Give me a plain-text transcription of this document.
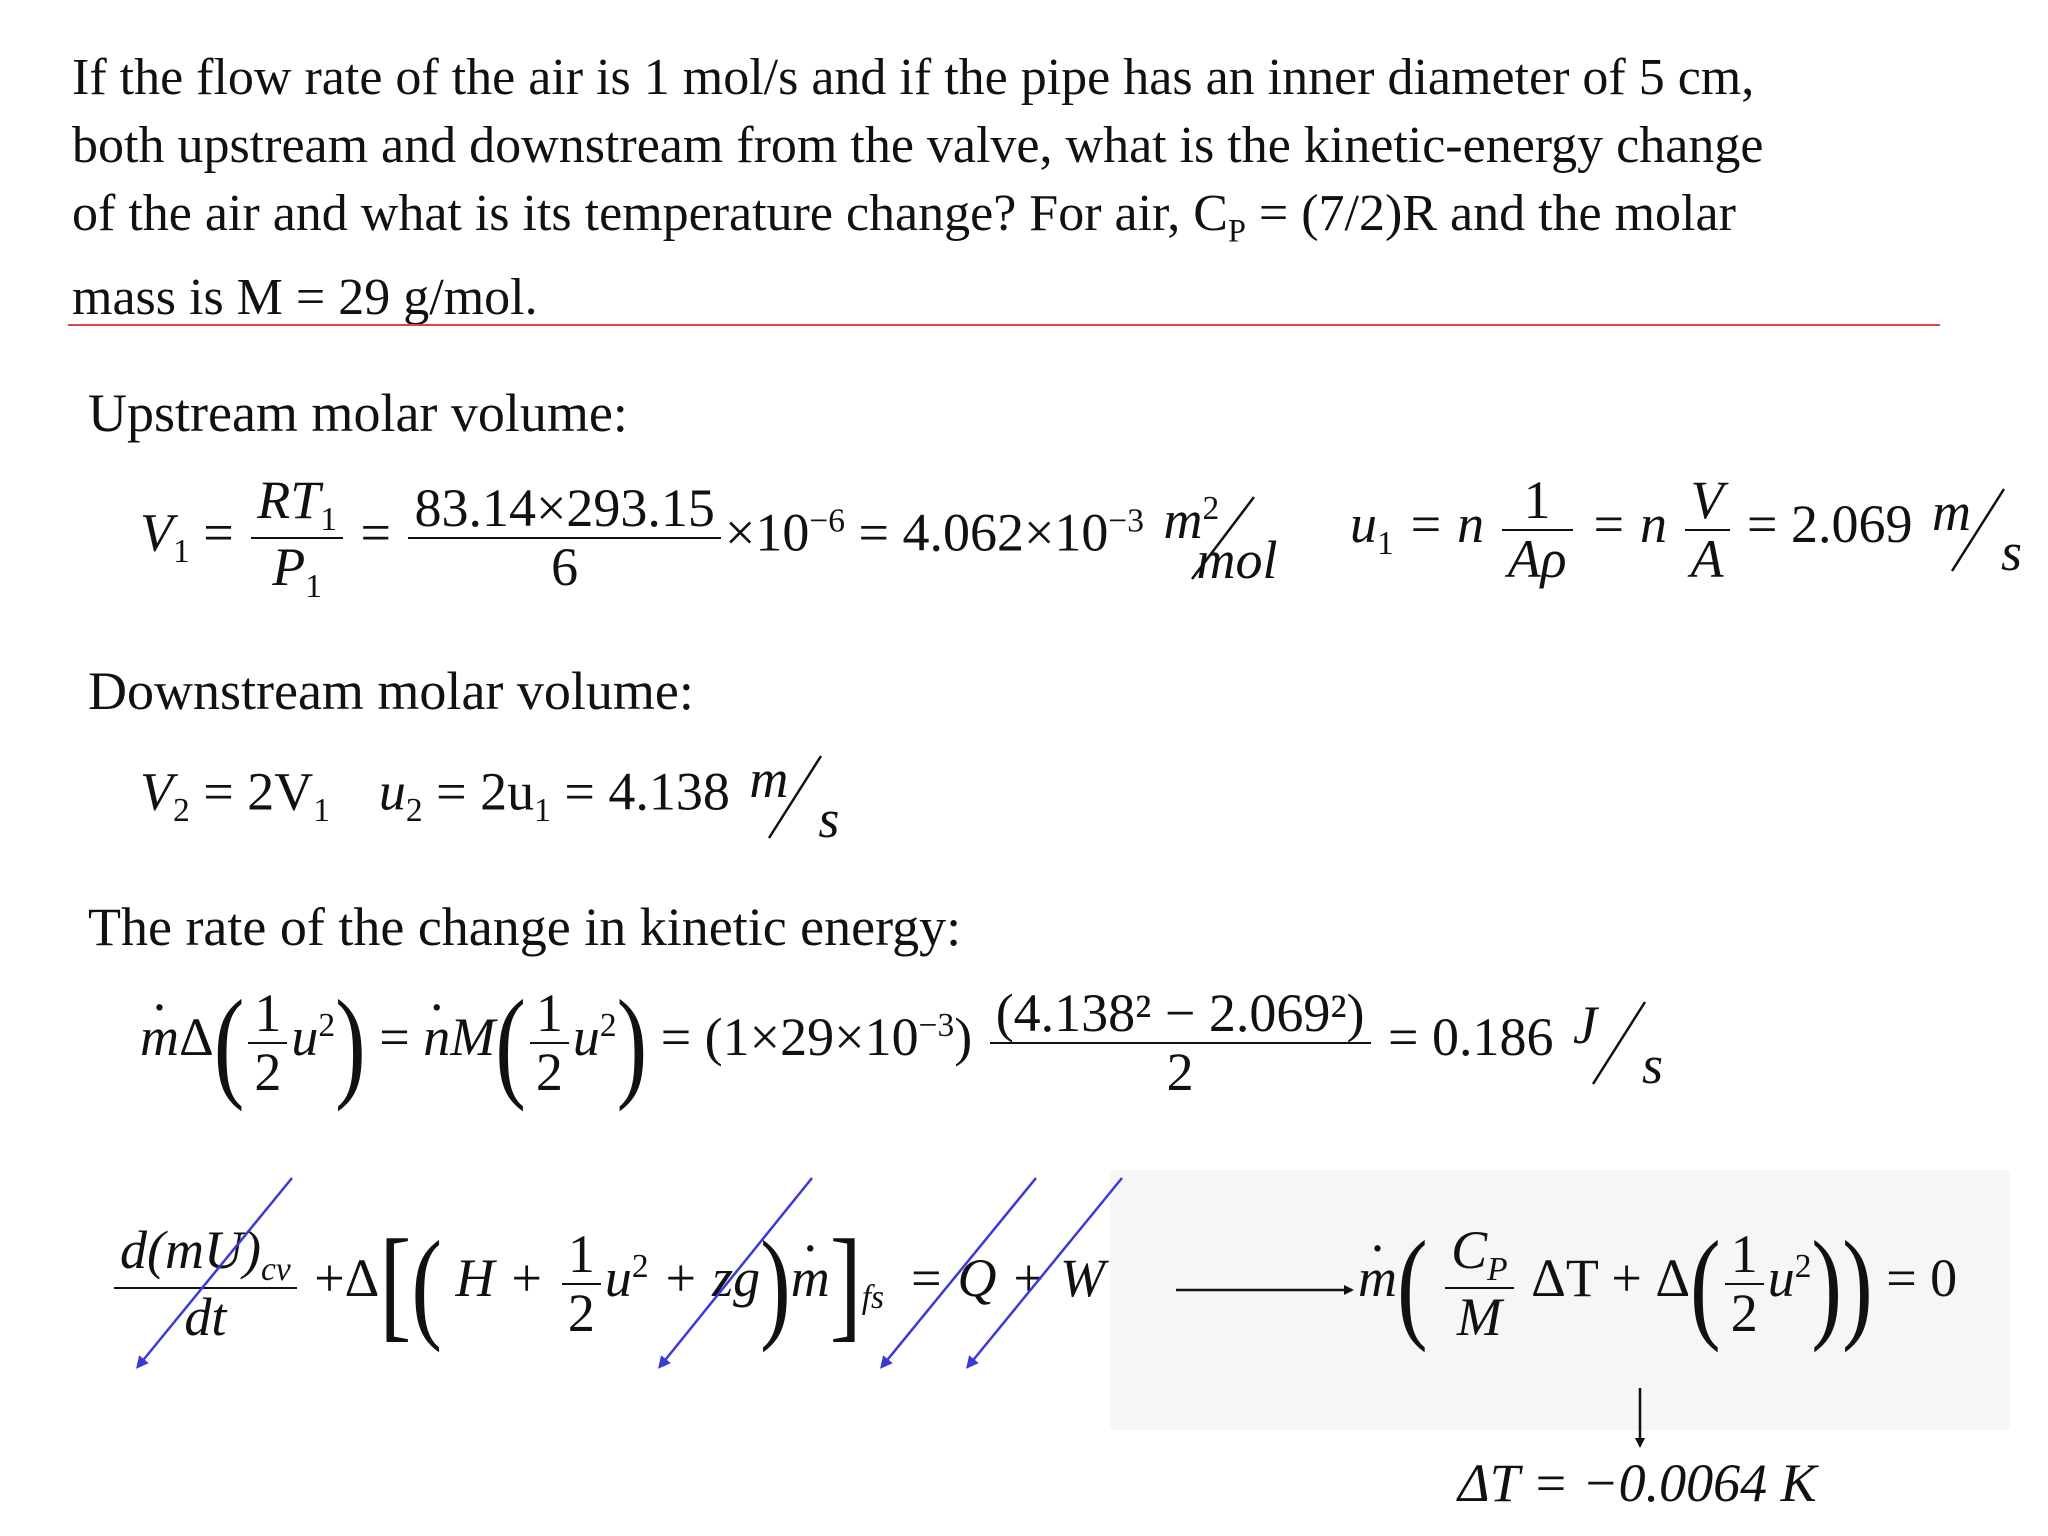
If the flow rate of the air is 1 mol/s and if the pipe has an inner diameter of 5 cm,
both upstream and downstream from the valve, what is the kinetic-energy change
of the air and what is its temperature change? For air, $C_P = (7/2)R$ and the molar
mass is M = 29 g/mol.
Upstream molar volume:
$V_1 = \frac{RT_1}{P_1} = \frac{83.14\times 293.15}{6} \times 10^{-6} = 4.062\times 10^{-3}$ $m^2$
mol
$u_1 = n \frac{1}{A\rho} = n \frac{V}{A} = 2.069$ m
s
Downstream molar volume:
$V_2 = 2V_1$ $u_2 = 2u_1 = 4.138$ m
s
The rate of the change in kinetic energy:
· $m\Delta( \frac{1}{2} u^2)$ = · $nM( \frac{1}{2} u^2) = (1\times 29\times 10^{-3}) \frac{\text{(4.138² − 2.069²)}}{2} = 0.186$ J
s
$\frac{d(mU)_{cv}}{dt} +\Delta$[( $H + \frac{1}{2} u^2 + zg)\cdot m]_{fs} = Q + W$
·	$m( \frac{C_P}{M}$ $\Delta T + \Delta( \frac{1}{2} u^2)) = 0$
ΔT = −0.0064 K
